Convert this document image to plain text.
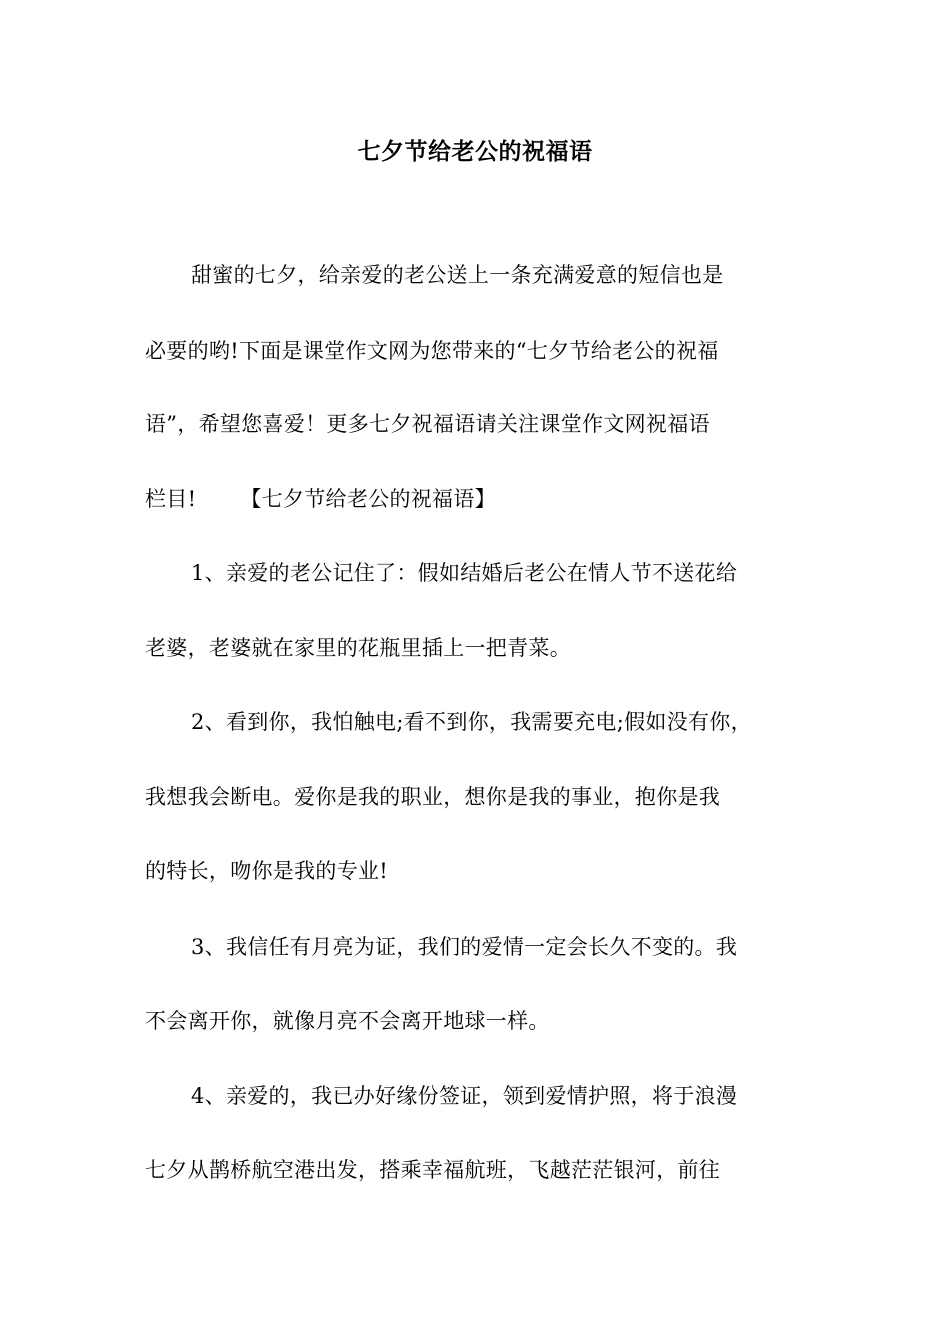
七夕节给老公的祝福语
甜蜜的七夕，给亲爱的老公送上一条充满爱意的短信也是
必要的哟!下面是课堂作文网为您带来的“七夕节给老公的祝福
语”，希望您喜爱！更多七夕祝福语请关注课堂作文网祝福语
栏目! 【七夕节给老公的祝福语】
1、亲爱的老公记住了：假如结婚后老公在情人节不送花给
老婆，老婆就在家里的花瓶里插上一把青菜。
2、看到你，我怕触电;看不到你，我需要充电;假如没有你，
我想我会断电。爱你是我的职业，想你是我的事业，抱你是我
的特长，吻你是我的专业!
3、我信任有月亮为证，我们的爱情一定会长久不变的。我
不会离开你，就像月亮不会离开地球一样。
4、亲爱的，我已办好缘份签证，领到爱情护照，将于浪漫
七夕从鹊桥航空港出发，搭乘幸福航班，飞越茫茫银河，前往
